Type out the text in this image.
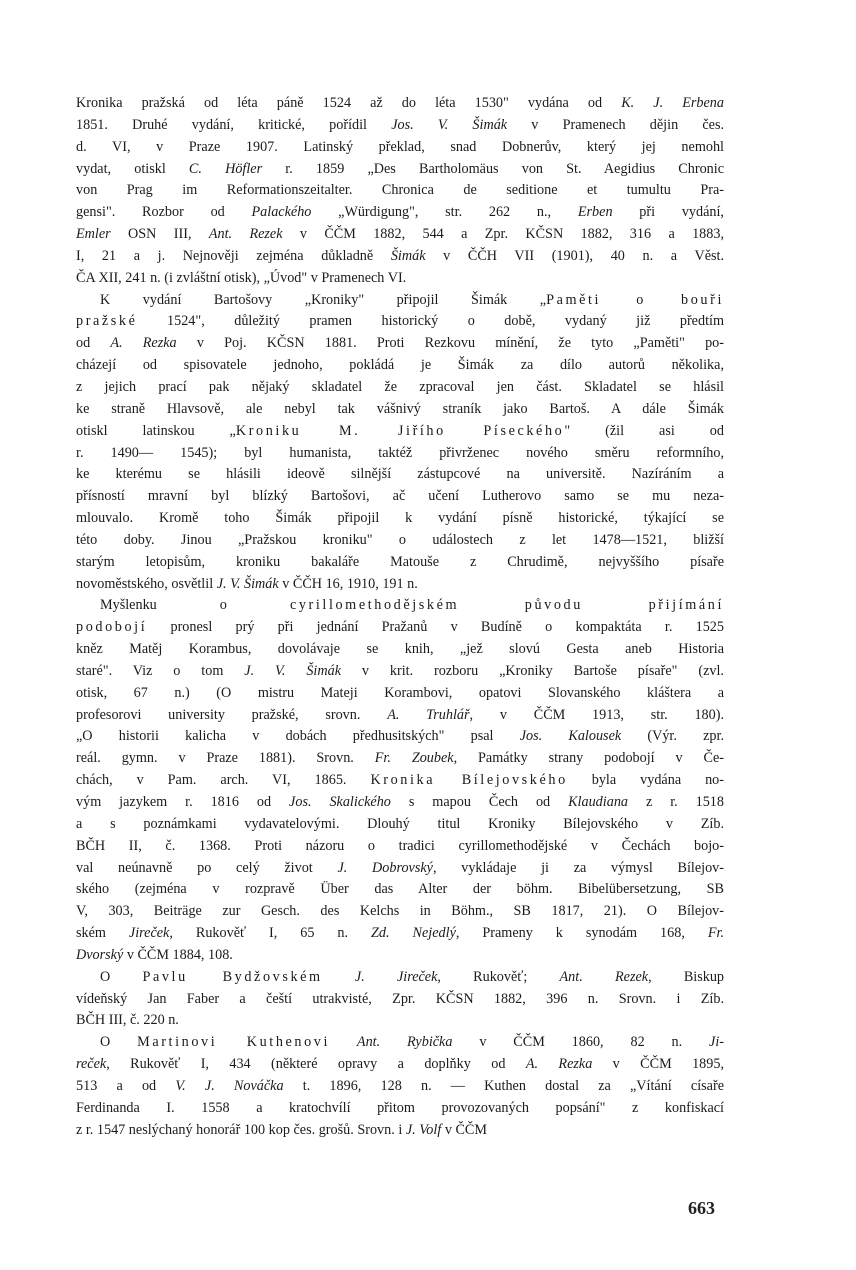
Kronika pražská od léta páně 1524 až do léta 1530" vydána od K. J. Erbena
1851. Druhé vydání, kritické, pořídil Jos. V. Šimák v Pramenech dějin čes.
d. VI, v Praze 1907. Latinský překlad, snad Dobnerův, který jej nemohl
vydat, otiskl C. Höfler r. 1859 „Des Bartholomäus von St. Aegidius Chronic
von Prag im Reformationszeitalter. Chronica de seditione et tumultu Pra-
gensi". Rozbor od Palackého „Würdigung", str. 262 n., Erben při vydání,
Emler OSN III, Ant. Rezek v ČČM 1882, 544 a Zpr. KČSN 1882, 316 a 1883,
I, 21 a j. Nejnověji zejména důkladně Šimák v ČČH VII (1901), 40 n. a Věst.
ČA XII, 241 n. (i zvláštní otisk), „Úvod" v Pramenech VI.
K vydání Bartošovy „Kroniky" připojil Šimák „Paměti o bouři
pražské 1524", důležitý pramen historický o době, vydaný již předtím
od A. Rezka v Poj. KČSN 1881. Proti Rezkovu mínění, že tyto „Paměti" po-
cházejí od spisovatele jednoho, pokládá je Šimák za dílo autorů několika,
z jejich prací pak nějaký skladatel že zpracoval jen část. Skladatel se hlásil
ke straně Hlavsově, ale nebyl tak vášnivý straník jako Bartoš. A dále Šimák
otiskl latinskou „Kroniku M. Jiřího Píseckého" (žil asi od
r. 1490— 1545); byl humanista, taktéž přivrženec nového směru reformního,
ke kterému se hlásili ideově silnější zástupcové na universitě. Nazíráním a
přísností mravní byl blízký Bartošovi, ač učení Lutherovo samo se mu neza-
mlouvalo. Kromě toho Šimák připojil k vydání písně historické, týkající se
této doby. Jinou „Pražskou kroniku" o událostech z let 1478—1521, bližší
starým letopisům, kroniku bakaláře Matouše z Chrudimě, nejvyššího písaře
novoměstského, osvětlil J. V. Šimák v ČČH 16, 1910, 191 n.
Myšlenku o cyrillomethodějském původu přijímání
podobojí pronesl prý při jednání Pražanů v Budíně o kompaktáta r. 1525
kněz Matěj Korambus, dovolávaje se knih, „jež slovú Gesta aneb Historia
staré". Viz o tom J. V. Šimák v krit. rozboru „Kroniky Bartoše písaře" (zvl.
otisk, 67 n.) (O mistru Mateji Korambovi, opatovi Slovanského kláštera a
profesorovi university pražské, srovn. A. Truhlář, v ČČM 1913, str. 180).
„O historii kalicha v dobách předhusitských" psal Jos. Kalousek (Výr. zpr.
reál. gymn. v Praze 1881). Srovn. Fr. Zoubek, Památky strany podobojí v Če-
chách, v Pam. arch. VI, 1865. Kronika Bílejovského byla vydána no-
vým jazykem r. 1816 od Jos. Skalického s mapou Čech od Klaudiana z r. 1518
a s poznámkami vydavatelovými. Dlouhý titul Kroniky Bílejovského v Zíb.
BČH II, č. 1368. Proti názoru o tradici cyrillomethodějské v Čechách bojo-
val neúnavně po celý život J. Dobrovský, vykládaje ji za výmysl Bílejov-
ského (zejména v rozpravě Über das Alter der böhm. Bibelübersetzung, SB
V, 303, Beiträge zur Gesch. des Kelchs in Böhm., SB 1817, 21). O Bílejov-
ském Jireček, Rukověť I, 65 n. Zd. Nejedlý, Prameny k synodám 168, Fr.
Dvorský v ČČM 1884, 108.
O Pavlu Bydžovském J. Jireček, Rukověť; Ant. Rezek, Biskup
vídeňský Jan Faber a čeští utrakvisté, Zpr. KČSN 1882, 396 n. Srovn. i Zíb.
BČH III, č. 220 n.
O Martinovi Kuthenovi Ant. Rybička v ČČM 1860, 82 n. Ji-
reček, Rukověť I, 434 (některé opravy a doplňky od A. Rezka v ČČM 1895,
513 a od V. J. Nováčka t. 1896, 128 n. — Kuthen dostal za „Vítání císaře
Ferdinanda I. 1558 a kratochvílí přitom provozovaných popsání" z konfiskací
z r. 1547 neslýchaný honorář 100 kop čes. grošů. Srovn. i J. Volf v ČČM
663
